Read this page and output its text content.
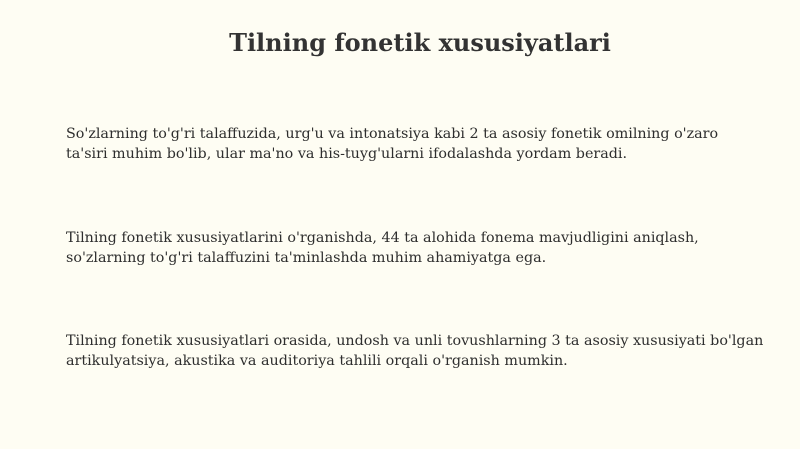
Tilning fonetik xususiyatlari

So'zlarning to'g'ri talaffuzida, urg'u va intonatsiya kabi 2 ta asosiy fonetik omilning o'zaro
ta'siri muhim bo'lib, ular ma'no va his-tuyg'ularni ifodalashda yordam beradi.

Tilning fonetik xususiyatlarini o'rganishda, 44 ta alohida fonema mavjudligini aniqlash,
so'zlarning to'g'ri talaffuzini ta'minlashda muhim ahamiyatga ega.

Tilning fonetik xususiyatlari orasida, undosh va unli tovushlarning 3 ta asosiy xususiyati bo'lgan
artikulyatsiya, akustika va auditoriya tahlili orqali o'rganish mumkin.
